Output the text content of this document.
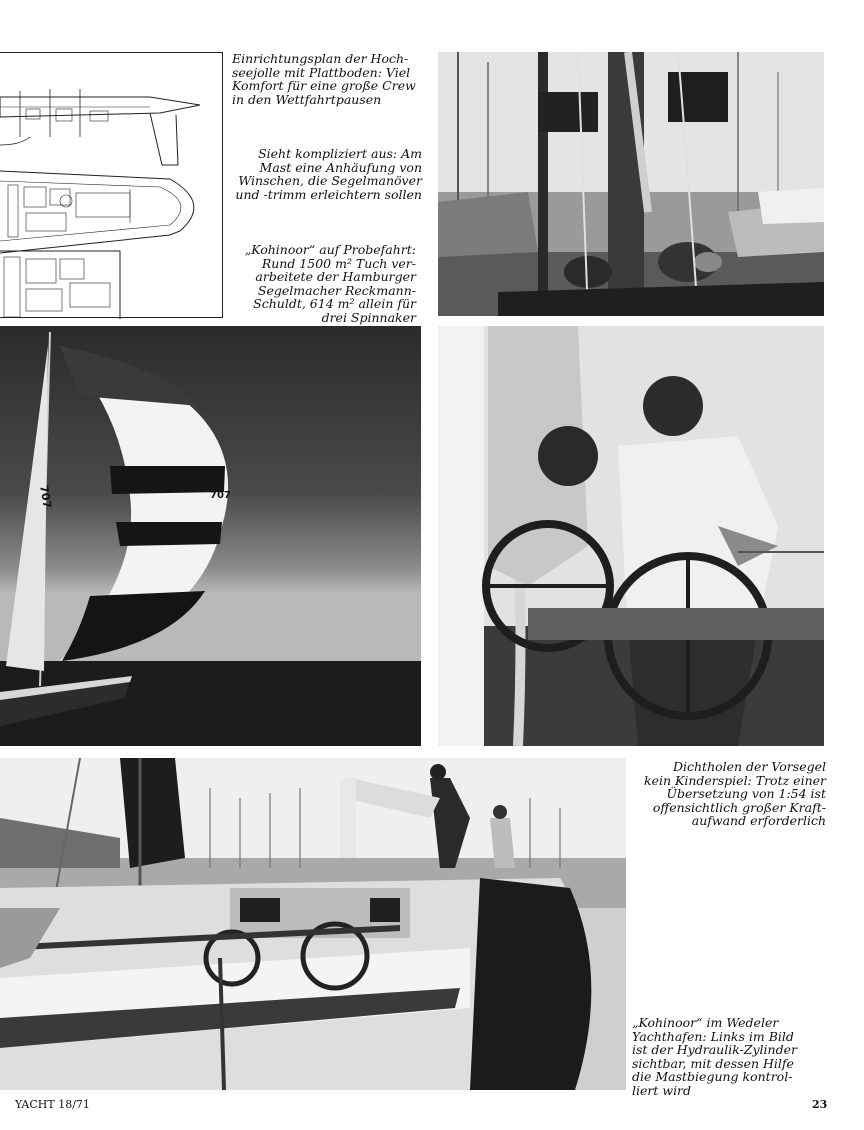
Einrichtungsplan der Hoch-
seejolle mit Plattboden: Viel
Komfort für eine große Crew
in den Wettfahrtpausen
Sieht kompliziert aus: Am
Mast eine Anhäufung von
Winschen, die Segelmanöver
und -trimm erleichtern sollen
„Kohinoor“ auf Probefahrt:
Rund 1500 m² Tuch ver-
arbeitete der Hamburger
Segelmacher Reckmann-
Schuldt, 614 m² allein für
drei Spinnaker
707	707
Dichtholen der Vorsegel
kein Kinderspiel: Trotz einer
Übersetzung von 1:54 ist
offensichtlich großer Kraft-
aufwand erforderlich
„Kohinoor“ im Wedeler
Yachthafen: Links im Bild
ist der Hydraulik-Zylinder
sichtbar, mit dessen Hilfe
die Mastbiegung kontrol-
liert wird
YACHT 18/71	23
